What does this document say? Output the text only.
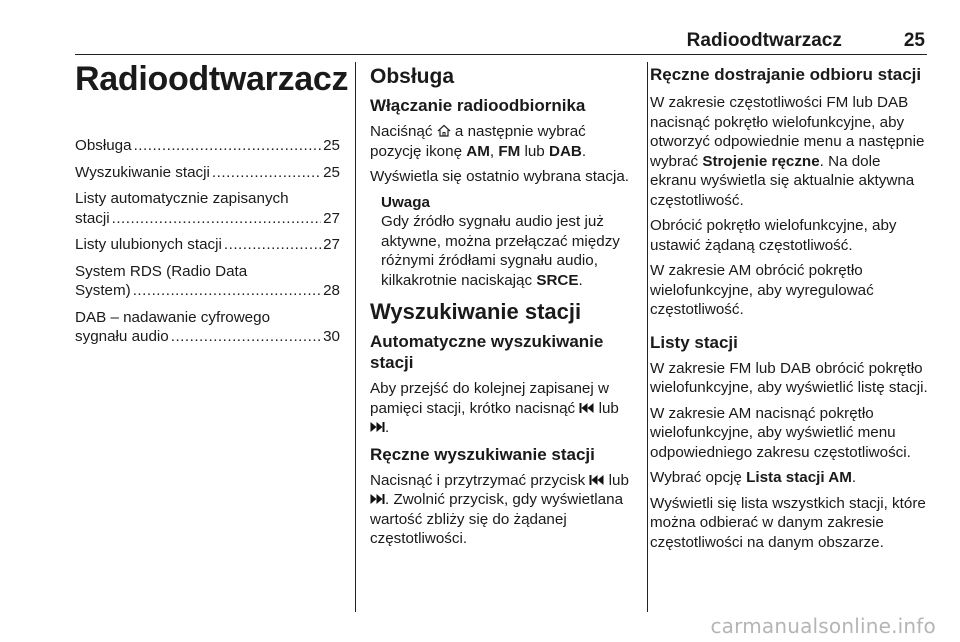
Radioodtwarzacz	25
Radioodtwarzacz
Obsługa .....	25
Wyszukiwanie stacji .....	25
Listy automatycznie zapisanych
stacji .....	27
Listy ulubionych stacji .....	27
System RDS (Radio Data
System) .....	28
DAB – nadawanie cyfrowego
sygnału audio .....	30
Obsługa
Włączanie radioodbiornika

Naciśnąć
a następnie wybrać pozycję ikonę AM, FM lub DAB.

Wyświetla się ostatnio wybrana stacja.

Uwaga
Gdy źródło sygnału audio jest już aktywne, można przełączać między różnymi źródłami sygnału audio, kilkakrotnie naciskając SRCE.
Wyszukiwanie stacji
Automatyczne wyszukiwanie stacji

Aby przejść do kolejnej zapisanej w pamięci stacji, krótko nacisnąć
lub
.

Ręczne wyszukiwanie stacji

Nacisnąć i przytrzymać przycisk
lub
. Zwolnić przycisk, gdy wyświetlana wartość zbliży się do żądanej częstotliwości.

Ręczne dostrajanie odbioru stacji

W zakresie częstotliwości FM lub DAB nacisnąć pokrętło wielofunkcyjne, aby otworzyć odpowiednie menu a następnie wybrać Strojenie ręczne. Na dole ekranu wyświetla się aktualnie aktywna częstotliwość.

Obrócić pokrętło wielofunkcyjne, aby ustawić żądaną częstotliwość.

W zakresie AM obrócić pokrętło wielofunkcyjne, aby wyregulować częstotliwość.

Listy stacji

W zakresie FM lub DAB obrócić pokrętło wielofunkcyjne, aby wyświetlić listę stacji.

W zakresie AM nacisnąć pokrętło wielofunkcyjne, aby wyświetlić menu odpowiedniego zakresu częstotliwości.

Wybrać opcję Lista stacji AM.

Wyświetli się lista wszystkich stacji, które można odbierać w danym zakresie częstotliwości na danym obszarze.

carmanualsonline.info
